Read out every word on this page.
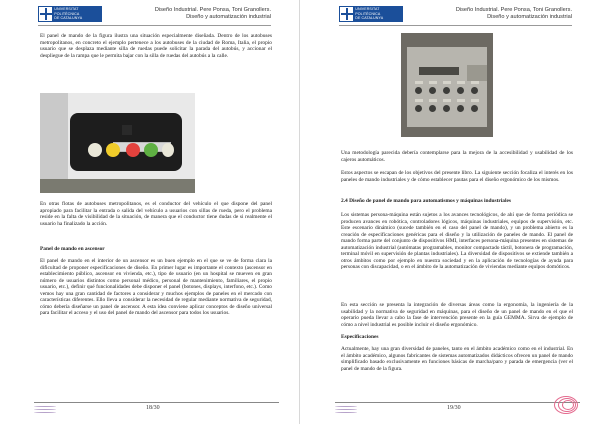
UNIVERSITAT POLITÈCNICA
DE CATALUNYA
Diseño Industrial. Pere Ponsa, Toni Granollers.
Diseño y automatización industrial

El panel de mando de la figura ilustra una situación especialmente diseñada. Dentro de los autobuses metropolitanos, en concreto el ejemplo pertenece a los autobuses de la ciudad de Roma, Italia, el propio usuario que se desplaza mediante silla de ruedas puede solicitar la parada del autobús, y accionar el despliegue de la rampa que le permita bajar con la silla de ruedas del autobús a la calle.

En otras flotas de autobuses metropolitanos, es el conductor del vehículo el que dispone del panel apropiado para facilitar la entrada o salida del vehículo a usuarios con sillas de rueda, pero el problema reside en la falta de visibilidad de la situación, de manera que el conductor tiene dudas de si realmente el usuario ha finalizado la acción.

Panel de mando en ascensor

El panel de mando en el interior de un ascensor es un buen ejemplo en el que se ve de forma clara la dificultad de proponer especificaciones de diseño. En primer lugar es importante el contexto (ascensor en establecimiento público, ascensor en vivienda, etc.), tipo de usuario (en un hospital se mueven en gran número de usuarios distintos como personal médico, personal de mantenimiento, familiares, el propio usuario, etc.), definir qué funcionalidades debe disponer el panel (botones, displays, interfono, etc.). Como vemos hay una gran cantidad de factores a considerar y muchos ejemplos de paneles en el mercado con características diferentes. Ello lleva a considerar la necesidad de regular mediante normativa de seguridad, cómo debería diseñarse un panel de ascensor. A esta idea conviene aplicar conceptos de diseño universal para facilitar el acceso y el uso del panel de mando del ascensor para todos los usuarios.

18/30
UNIVERSITAT POLITÈCNICA
DE CATALUNYA
Diseño Industrial. Pere Ponsa, Toni Granollers.
Diseño y automatización industrial

Una metodología parecida debería contemplarse para la mejora de la accesibilidad y usabilidad de los cajeros automáticos.

Estos aspectos se escapan de los objetivos del presente libro. La siguiente sección focaliza el interés en los paneles de mando industriales y de cómo establecer pautas para el diseño ergonómico de los mismos.

2.4 Diseño de panel de mando para automatismos y máquinas industriales

Los sistemas persona-máquina están sujetos a los avances tecnológicos, de ahí que de forma periódica se producen avances en robótica, controladores lógicos, máquinas industriales, equipos de supervisión, etc. Este escenario dinámico (sucede también en el caso del panel de mando), y un problema abierto es la creación de especificaciones genéricas para el diseño y la utilización de paneles de mando. El panel de mando forma parte del conjunto de dispositivos HMI, interfaces persona-máquina presentes en sistemas de automatización industrial (autómatas programables, monitor compactado táctil, botonera de programación, terminal móvil en supervisión de plantas industriales). La diversidad de dispositivos se extiende también a otros ámbitos como por ejemplo en nuestra sociedad y en la aplicación de tecnologías de ayuda para personas con discapacidad, o en el ámbito de la automatización de viviendas mediante equipos domóticos.

En esta sección se presenta la integración de diversas áreas como la ergonomía, la ingeniería de la usabilidad y la normativa de seguridad en máquinas, para el diseño de un panel de mando en el que el operario pueda llevar a cabo la fase de intervención presente en la guía GEMMA. Sirva de ejemplo de cómo a nivel industrial es posible incluir el diseño ergonómico.

Especificaciones

Actualmente, hay una gran diversidad de paneles, tanto en el ámbito académico como en el industrial. En el ámbito académico, algunos fabricantes de sistemas automatizados didácticos ofrecen un panel de mando simplificado basado exclusivamente en funciones básicas de marcha/paro y parada de emergencia (ver el panel de mando de la figura.

19/30
